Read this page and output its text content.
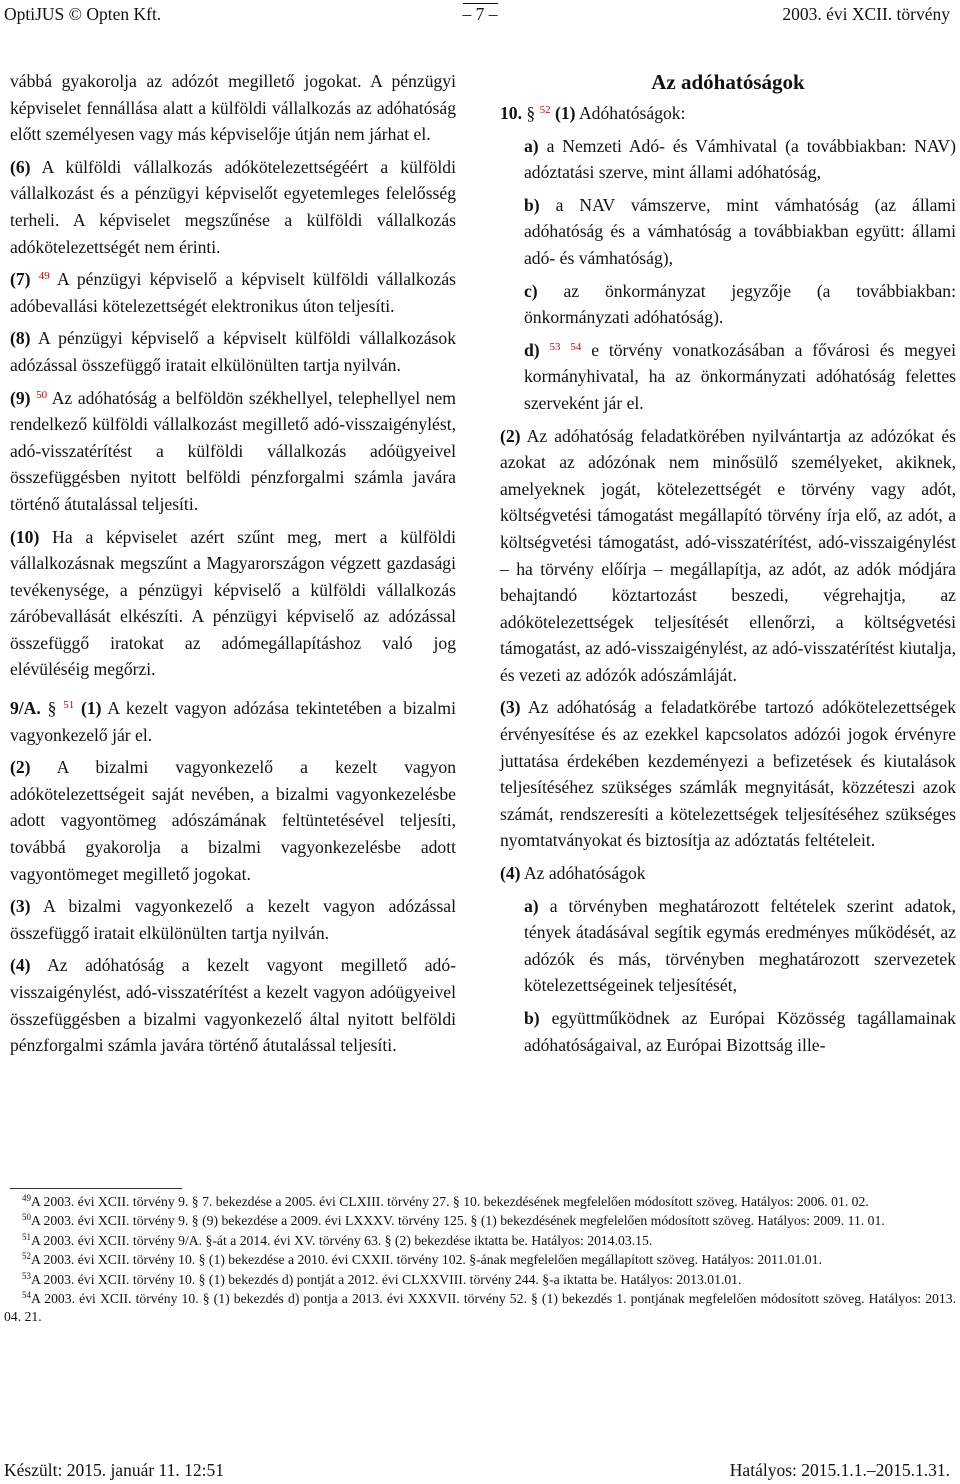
OptiJUS © Opten Kft.	– 7 –	2003. évi XCII. törvény

vábbá gyakorolja az adózót megillető jogokat. A pénzügyi képviselet fennállása alatt a külföldi vállalkozás az adóhatóság előtt személyesen vagy más képviselője útján nem járhat el.

(6) A külföldi vállalkozás adókötelezettségéért a külföldi vállalkozást és a pénzügyi képviselőt egyetemleges felelősség terheli. A képviselet megszűnése a külföldi vállalkozás adókötelezettségét nem érinti.

(7) $^{49}$ A pénzügyi képviselő a képviselt külföldi vállalkozás adóbevallási kötelezettségét elektronikus úton teljesíti.

(8) A pénzügyi képviselő a képviselt külföldi vállalkozások adózással összefüggő iratait elkülönülten tartja nyilván.

(9) $^{50}$ Az adóhatóság a belföldön székhellyel, telephellyel nem rendelkező külföldi vállalkozást megillető adó-visszaigénylést, adó-visszatérítést a külföldi vállalkozás adóügyeivel összefüggésben nyitott belföldi pénzforgalmi számla javára történő átutalással teljesíti.

(10) Ha a képviselet azért szűnt meg, mert a külföldi vállalkozásnak megszűnt a Magyarországon végzett gazdasági tevékenysége, a pénzügyi képviselő a külföldi vállalkozás záróbevallását elkészíti. A pénzügyi képviselő az adózással összefüggő iratokat az adómegállapításhoz való jog elévüléséig megőrzi.

9/A. § $^{51}$ (1) A kezelt vagyon adózása tekintetében a bizalmi vagyonkezelő jár el.

(2) A bizalmi vagyonkezelő a kezelt vagyon adókötelezettségeit saját nevében, a bizalmi vagyonkezelésbe adott vagyontömeg adószámának feltüntetésével teljesíti, továbbá gyakorolja a bizalmi vagyonkezelésbe adott vagyontömeget megillető jogokat.

(3) A bizalmi vagyonkezelő a kezelt vagyon adózással összefüggő iratait elkülönülten tartja nyilván.

(4) Az adóhatóság a kezelt vagyont megillető adó-visszaigénylést, adó-visszatérítést a kezelt vagyon adóügyeivel összefüggésben a bizalmi vagyonkezelő által nyitott belföldi pénzforgalmi számla javára történő átutalással teljesíti.

Az adóhatóságok

10. § $^{52}$ (1) Adóhatóságok:

a) a Nemzeti Adó- és Vámhivatal (a továbbiakban: NAV) adóztatási szerve, mint állami adóhatóság,

b) a NAV vámszerve, mint vámhatóság (az állami adóhatóság és a vámhatóság a továbbiakban együtt: állami adó- és vámhatóság),

c) az önkormányzat jegyzője (a továbbiakban: önkormányzati adóhatóság).

d) $^{53}$ $^{54}$ e törvény vonatkozásában a fővárosi és megyei kormányhivatal, ha az önkormányzati adóhatóság felettes szerveként jár el.

(2) Az adóhatóság feladatkörében nyilvántartja az adózókat és azokat az adózónak nem minősülő személyeket, akiknek, amelyeknek jogát, kötelezettségét e törvény vagy adót, költségvetési támogatást megállapító törvény írja elő, az adót, a költségvetési támogatást, adó-visszatérítést, adó-visszaigénylést – ha törvény előírja – megállapítja, az adót, az adók módjára behajtandó köztartozást beszedi, végrehajtja, az adókötelezettségek teljesítését ellenőrzi, a költségvetési támogatást, az adó-visszaigénylést, az adó-visszatérítést kiutalja, és vezeti az adózók adószámláját.

(3) Az adóhatóság a feladatkörébe tartozó adókötelezettségek érvényesítése és az ezekkel kapcsolatos adózói jogok érvényre juttatása érdekében kezdeményezi a befizetések és kiutalások teljesítéséhez szükséges számlák megnyitását, közzéteszi azok számát, rendszeresíti a kötelezettségek teljesítéséhez szükséges nyomtatványokat és biztosítja az adóztatás feltételeit.

(4) Az adóhatóságok

a) a törvényben meghatározott feltételek szerint adatok, tények átadásával segítik egymás eredményes működését, az adózók és más, törvényben meghatározott szervezetek kötelezettségeinek teljesítését,

b) együttműködnek az Európai Közösség tagállamainak adóhatóságaival, az Európai Bizottság ille-

$^{49}$A 2003. évi XCII. törvény 9. § 7. bekezdése a 2005. évi CLXIII. törvény 27. § 10. bekezdésének megfelelően módosított szöveg. Hatályos: 2006. 01. 02.

$^{50}$A 2003. évi XCII. törvény 9. § (9) bekezdése a 2009. évi LXXXV. törvény 125. § (1) bekezdésének megfelelően módosított szöveg. Hatályos: 2009. 11. 01.

$^{51}$A 2003. évi XCII. törvény 9/A. §-át a 2014. évi XV. törvény 63. § (2) bekezdése iktatta be. Hatályos: 2014.03.15.

$^{52}$A 2003. évi XCII. törvény 10. § (1) bekezdése a 2010. évi CXXII. törvény 102. §-ának megfelelően megállapított szöveg. Hatályos: 2011.01.01.

$^{53}$A 2003. évi XCII. törvény 10. § (1) bekezdés d) pontját a 2012. évi CLXXVIII. törvény 244. §-a iktatta be. Hatályos: 2013.01.01.

$^{54}$A 2003. évi XCII. törvény 10. § (1) bekezdés d) pontja a 2013. évi XXXVII. törvény 52. § (1) bekezdés 1. pontjának megfelelően módosított szöveg. Hatályos: 2013. 04. 21.

Készült: 2015. január 11. 12:51	Hatályos: 2015.1.1.–2015.1.31.
